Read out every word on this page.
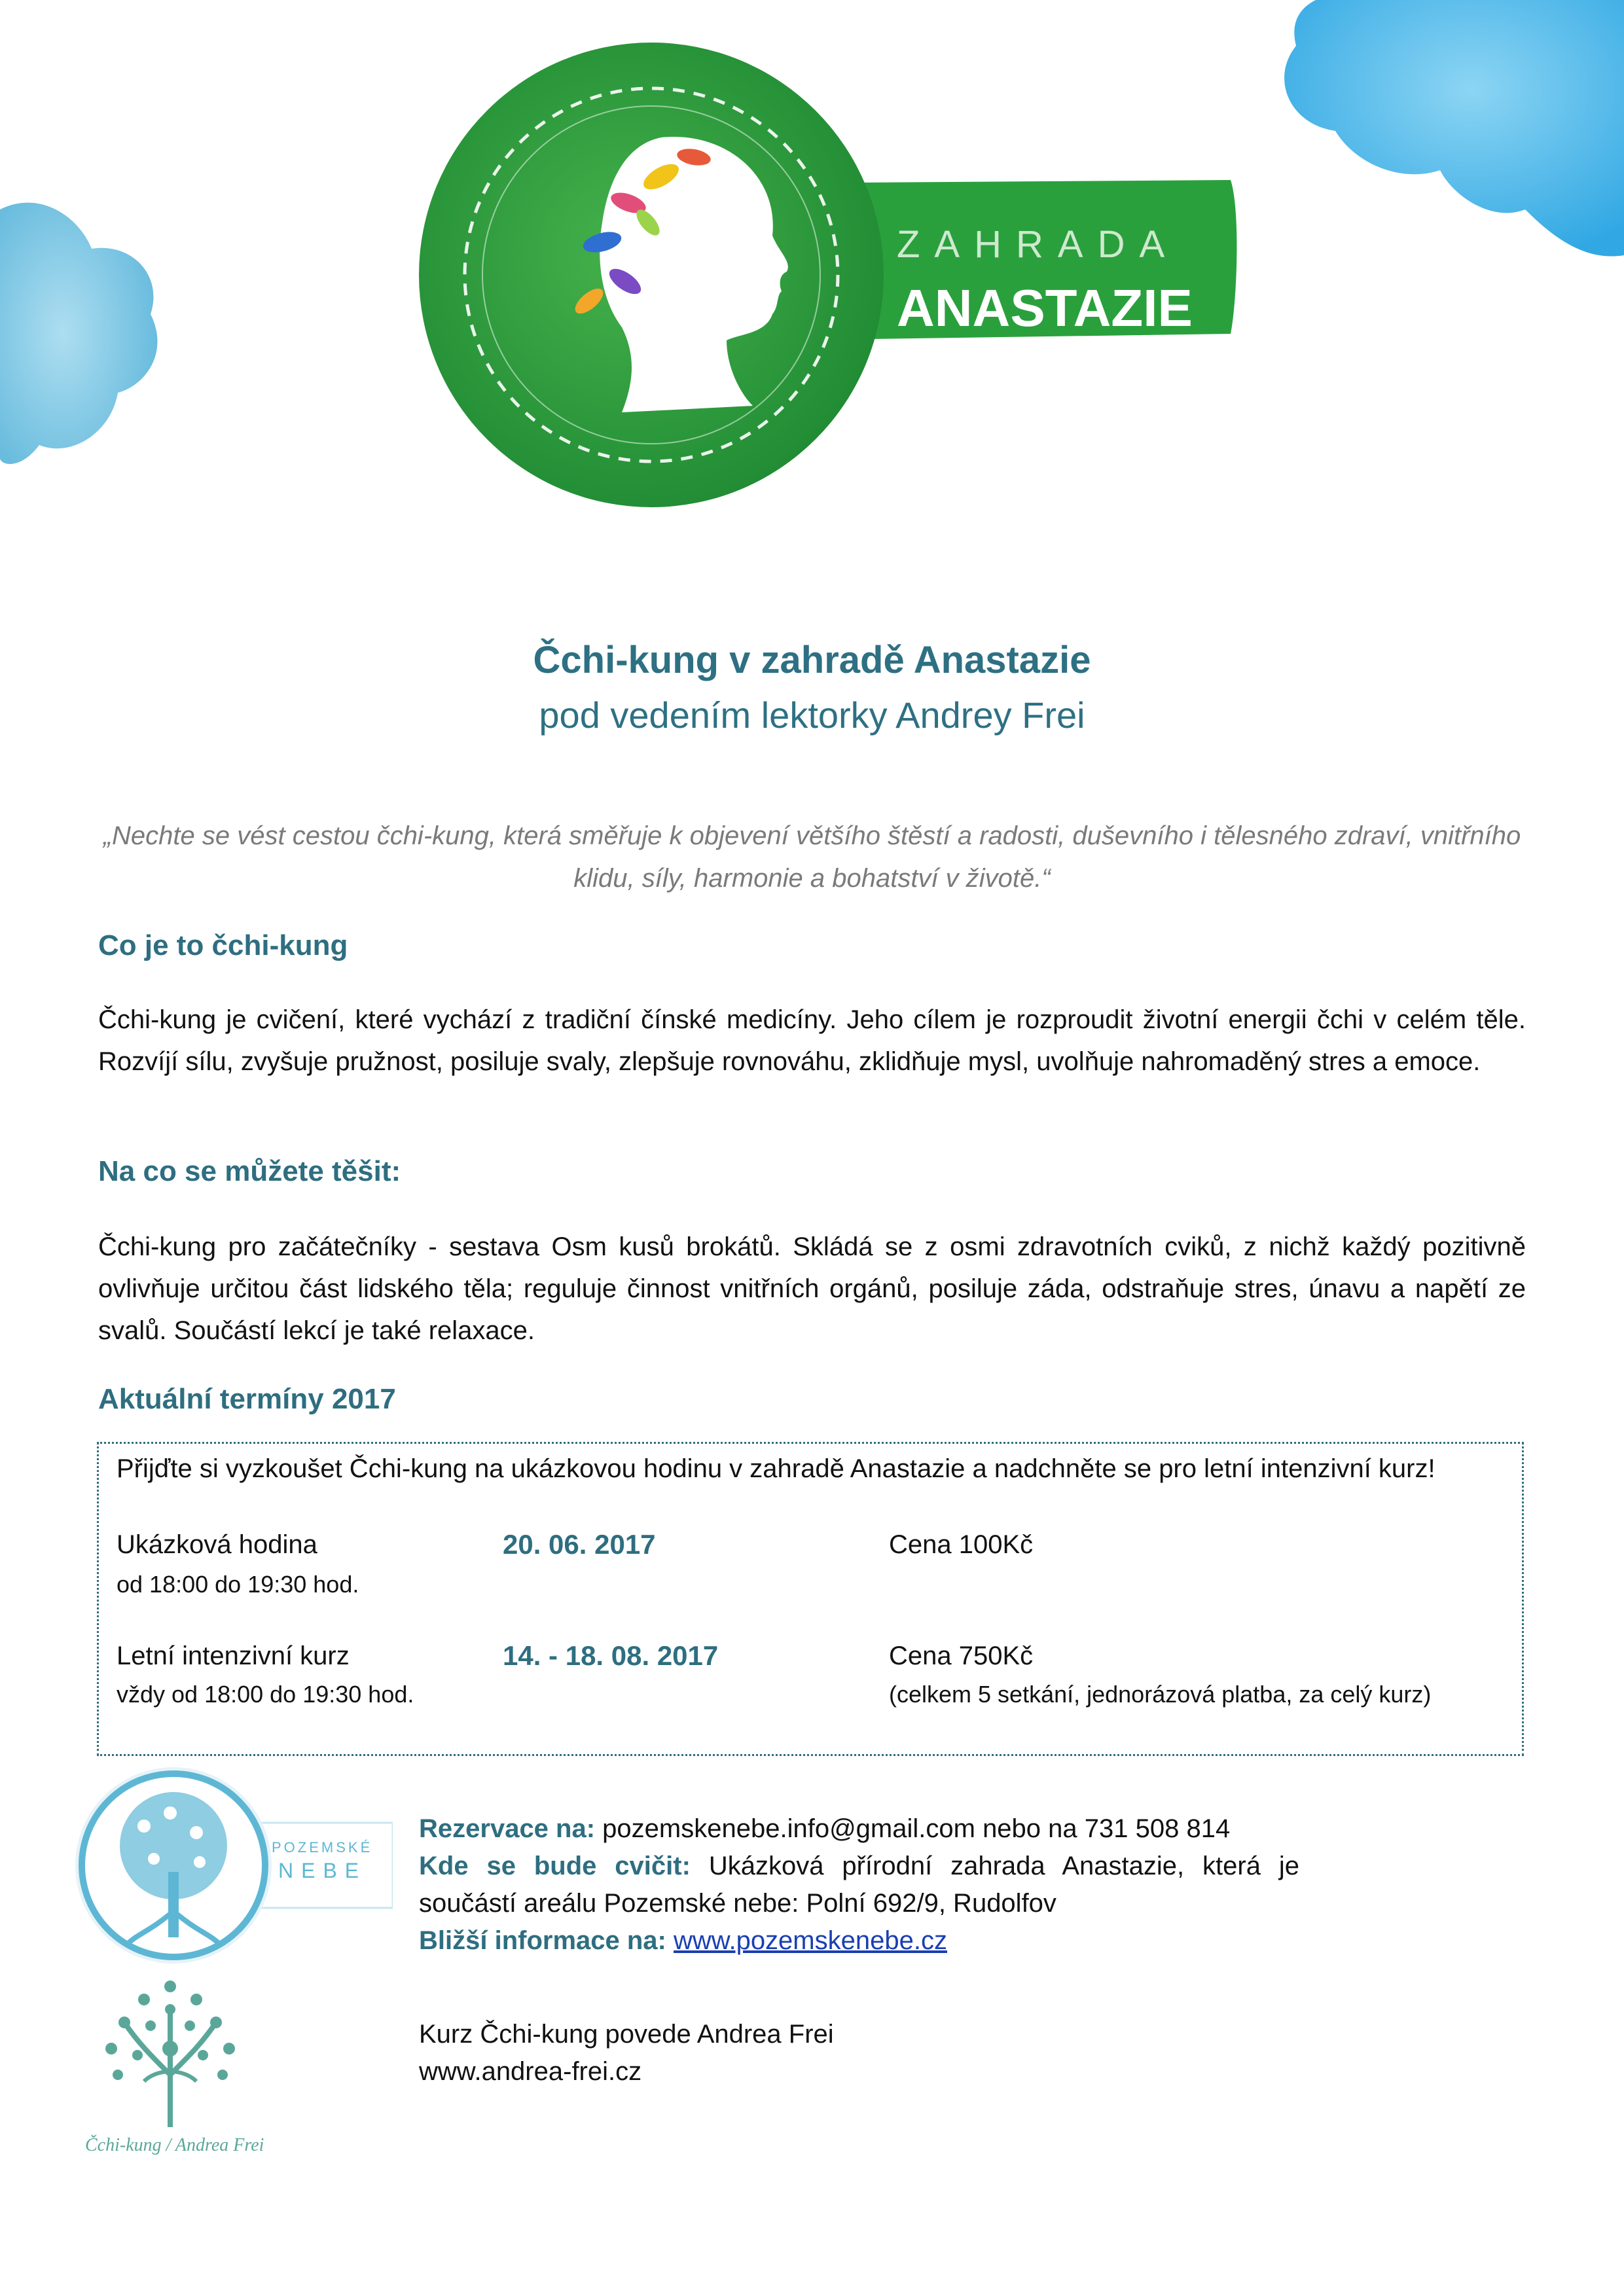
ZAHRADA
ANASTAZIE
Čchi-kung v zahradě Anastazie
pod vedením lektorky Andrey Frei
„Nechte se vést cestou čchi-kung, která směřuje k objevení většího štěstí a radosti, duševního i tělesného zdraví, vnitřního klidu, síly, harmonie a bohatství v životě.“
Co je to čchi-kung
Čchi-kung je cvičení, které vychází z tradiční čínské medicíny. Jeho cílem je rozproudit životní energii čchi v celém těle. Rozvíjí sílu, zvyšuje pružnost, posiluje svaly, zlepšuje rovnováhu, zklidňuje mysl, uvolňuje nahromaděný stres a emoce.
Na co se můžete těšit:
Čchi-kung pro začátečníky - sestava Osm kusů brokátů. Skládá se z osmi zdravotních cviků, z nichž každý pozitivně ovlivňuje určitou část lidského těla; reguluje činnost vnitřních orgánů, posiluje záda, odstraňuje stres, únavu a napětí ze svalů. Součástí lekcí je také relaxace.
Aktuální termíny 2017
Přijďte si vyzkoušet Čchi-kung na ukázkovou hodinu v zahradě Anastazie a nadchněte se pro letní intenzivní kurz!
Ukázková hodina
od 18:00 do 19:30 hod.
20. 06. 2017	Cena 100Kč
Letní intenzivní kurz
vždy od 18:00 do 19:30 hod.
14. - 18. 08. 2017	Cena 750Kč
(celkem 5 setkání, jednorázová platba, za celý kurz)
POZEMSKÉ
NEBE
Čchi-kung / Andrea Frei

Rezervace na: pozemskenebe.info@gmail.com nebo na 731 508 814

Kde se bude cvičit: Ukázková přírodní zahrada Anastazie, která je součástí areálu Pozemské nebe: Polní 692/9, Rudolfov

Bližší informace na: www.pozemskenebe.cz

Kurz Čchi-kung povede Andrea Frei
www.andrea-frei.cz
